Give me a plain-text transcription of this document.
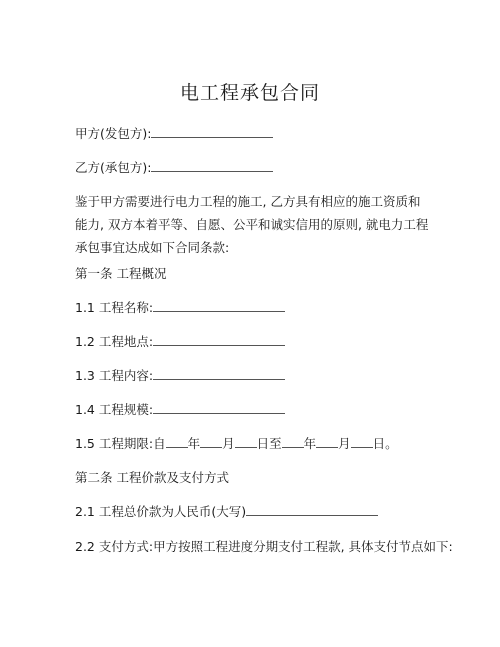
电工程承包合同
甲方(发包方):
乙方(承包方):
鉴于甲方需要进行电力工程的施工, 乙方具有相应的施工资质和能力, 双方本着平等、自愿、公平和诚实信用的原则, 就电力工程承包事宜达成如下合同条款:
第一条 工程概况
1.1 工程名称:
1.2 工程地点:
1.3 工程内容:
1.4 工程规模:
1.5 工程期限:自 年 月 日至 年 月 日。
第二条 工程价款及支付方式
2.1 工程总价款为人民币(大写)
2.2 支付方式:甲方按照工程进度分期支付工程款, 具体支付节点如下:
